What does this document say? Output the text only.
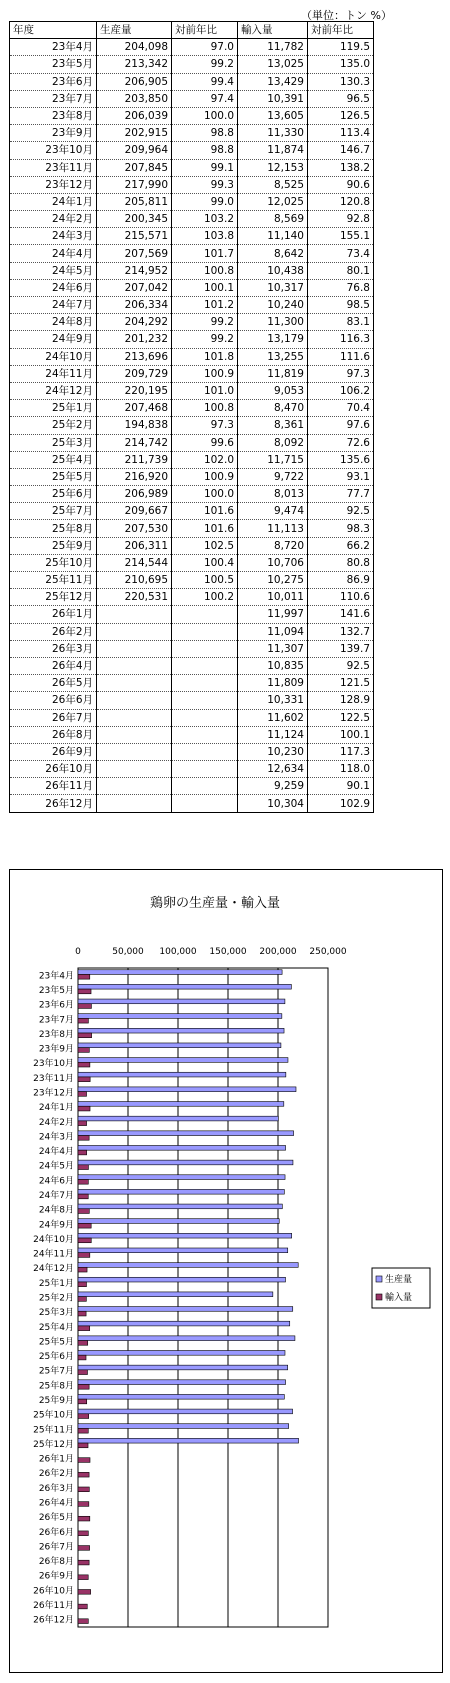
（単位：トン %）
年度	生産量	対前年比	輸入量	対前年比
23年4月	204,098	97.0	11,782	119.5
23年5月	213,342	99.2	13,025	135.0
23年6月	206,905	99.4	13,429	130.3
23年7月	203,850	97.4	10,391	96.5
23年8月	206,039	100.0	13,605	126.5
23年9月	202,915	98.8	11,330	113.4
23年10月	209,964	98.8	11,874	146.7
23年11月	207,845	99.1	12,153	138.2
23年12月	217,990	99.3	8,525	90.6
24年1月	205,811	99.0	12,025	120.8
24年2月	200,345	103.2	8,569	92.8
24年3月	215,571	103.8	11,140	155.1
24年4月	207,569	101.7	8,642	73.4
24年5月	214,952	100.8	10,438	80.1
24年6月	207,042	100.1	10,317	76.8
24年7月	206,334	101.2	10,240	98.5
24年8月	204,292	99.2	11,300	83.1
24年9月	201,232	99.2	13,179	116.3
24年10月	213,696	101.8	13,255	111.6
24年11月	209,729	100.9	11,819	97.3
24年12月	220,195	101.0	9,053	106.2
25年1月	207,468	100.8	8,470	70.4
25年2月	194,838	97.3	8,361	97.6
25年3月	214,742	99.6	8,092	72.6
25年4月	211,739	102.0	11,715	135.6
25年5月	216,920	100.9	9,722	93.1
25年6月	206,989	100.0	8,013	77.7
25年7月	209,667	101.6	9,474	92.5
25年8月	207,530	101.6	11,113	98.3
25年9月	206,311	102.5	8,720	66.2
25年10月	214,544	100.4	10,706	80.8
25年11月	210,695	100.5	10,275	86.9
25年12月	220,531	100.2	10,011	110.6
26年1月			11,997	141.6
26年2月			11,094	132.7
26年3月			11,307	139.7
26年4月			10,835	92.5
26年5月			11,809	121.5
26年6月			10,331	128.9
26年7月			11,602	122.5
26年8月			11,124	100.1
26年9月			10,230	117.3
26年10月			12,634	118.0
26年11月			9,259	90.1
26年12月			10,304	102.9
鶏卵の生産量・輸入量
0	50,000 100,000 150,000 200,000 250,000
23年4月
23年5月
23年6月
23年7月
23年8月
23年9月
23年10月
23年11月
23年12月
24年1月
24年2月
24年3月
24年4月
24年5月
24年6月
24年7月
24年8月
24年9月
24年10月
24年11月
24年12月
25年1月
25年2月
25年3月
25年4月
25年5月
25年6月
25年7月
25年8月
25年9月
25年10月
25年11月
25年12月
26年1月
26年2月
26年3月
26年4月
26年5月
26年6月
26年7月
26年8月
26年9月
26年10月
26年11月
26年12月
生産量
輸入量
